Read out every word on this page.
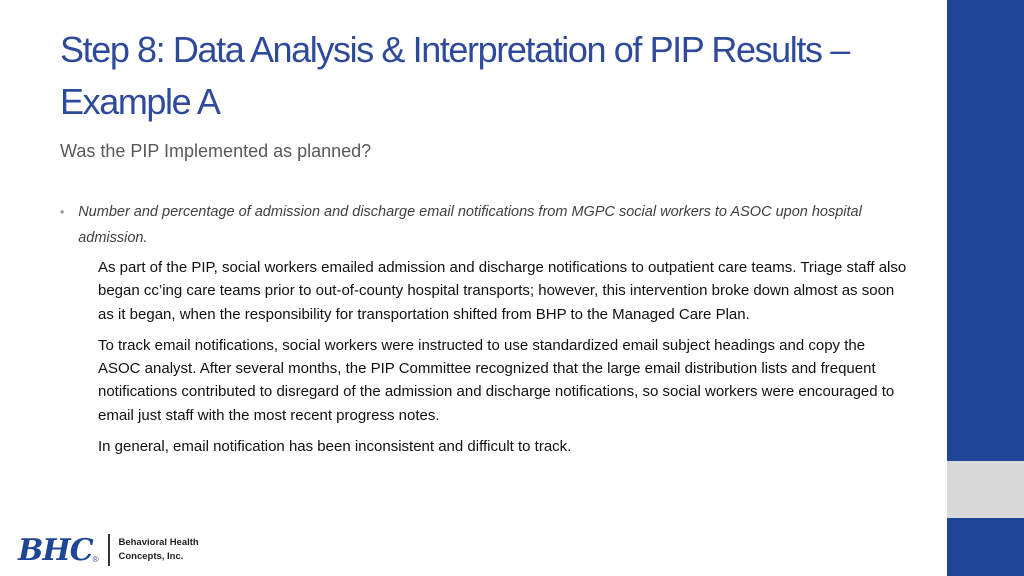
Step 8: Data Analysis & Interpretation of PIP Results – Example A

Was the PIP Implemented as planned?

• Number and percentage of admission and discharge email notifications from MGPC social workers to ASOC upon hospital admission.

As part of the PIP, social workers emailed admission and discharge notifications to outpatient care teams. Triage staff also began cc’ing care teams prior to out-of-county hospital transports; however, this intervention broke down almost as soon as it began, when the responsibility for transportation shifted from BHP to the Managed Care Plan.

To track email notifications, social workers were instructed to use standardized email subject headings and copy the ASOC analyst. After several months, the PIP Committee recognized that the large email distribution lists and frequent notifications contributed to disregard of the admission and discharge notifications, so social workers were encouraged to email just staff with the most recent progress notes.

In general, email notification has been inconsistent and difficult to track.

BHC ®
Behavioral Health
Concepts, Inc.
